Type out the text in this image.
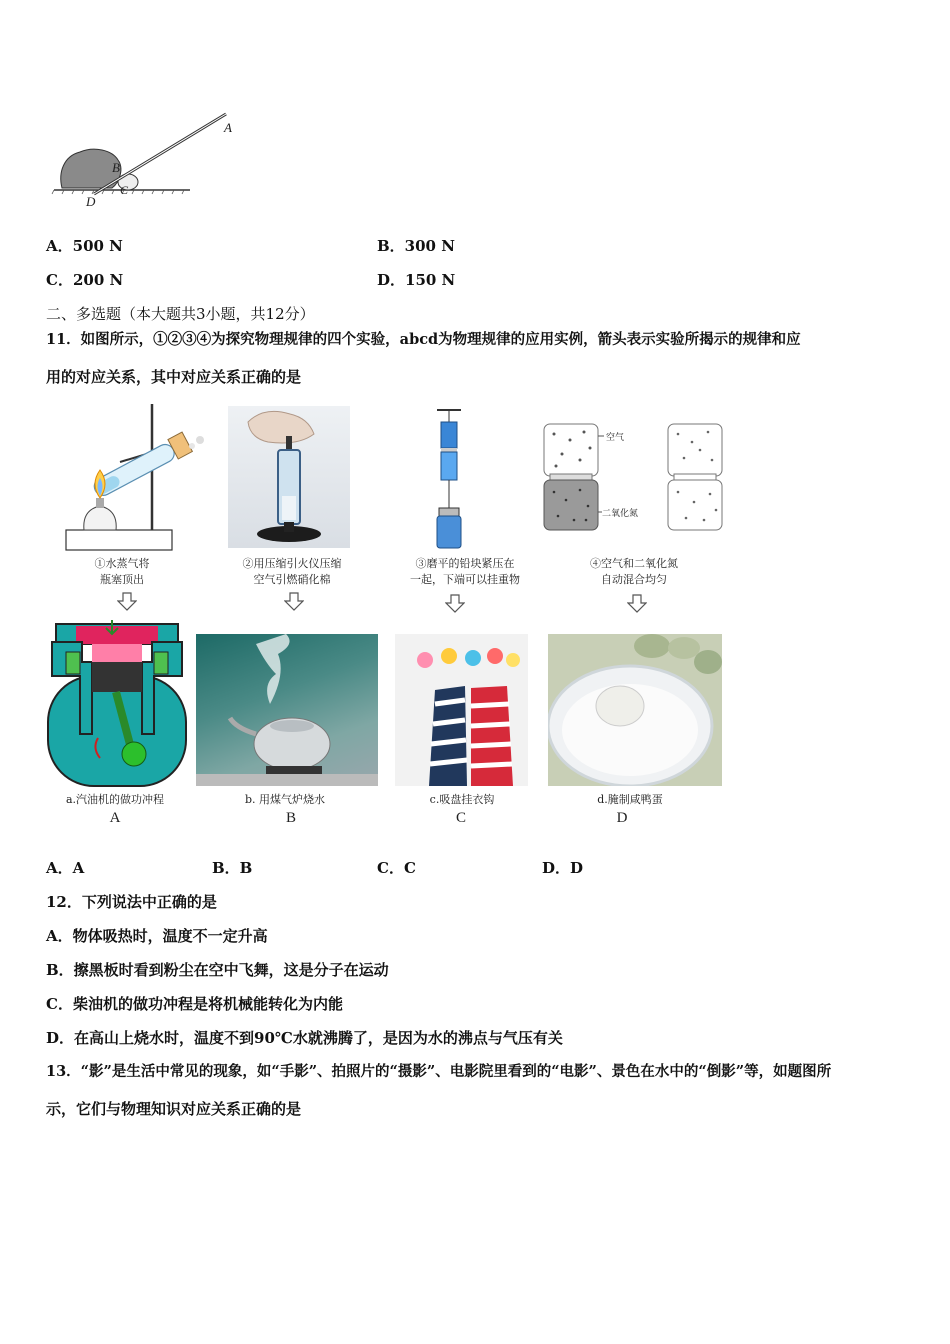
A
B
C
D
A．500 N	B．300 N
C．200 N	D．150 N
二、多选题（本大题共3小题，共12分）
11．如图所示，①②③④为探究物理规律的四个实验，abcd为物理规律的应用实例，箭头表示实验所揭示的规律和应
用的对应关系，其中对应关系正确的是
空气
二氧化氮
①水蒸气将
瓶塞顶出
②用压缩引火仪压缩
空气引燃硝化棉
③磨平的铅块紧压在
一起，下端可以挂重物
④空气和二氧化氮
自动混合均匀
a.汽油机的做功冲程	b. 用煤气炉烧水	c.吸盘挂衣钩	d.腌制咸鸭蛋
A	B	C	D
A．A	B．B	C．C	D．D
12．下列说法中正确的是
A．物体吸热时，温度不一定升高
B．擦黑板时看到粉尘在空中飞舞，这是分子在运动
C．柴油机的做功冲程是将机械能转化为内能
D．在高山上烧水时，温度不到90℃水就沸腾了，是因为水的沸点与气压有关
13．“影”是生活中常见的现象，如“手影”、拍照片的“摄影”、电影院里看到的“电影”、景色在水中的“倒影”等，如题图所
示，它们与物理知识对应关系正确的是
